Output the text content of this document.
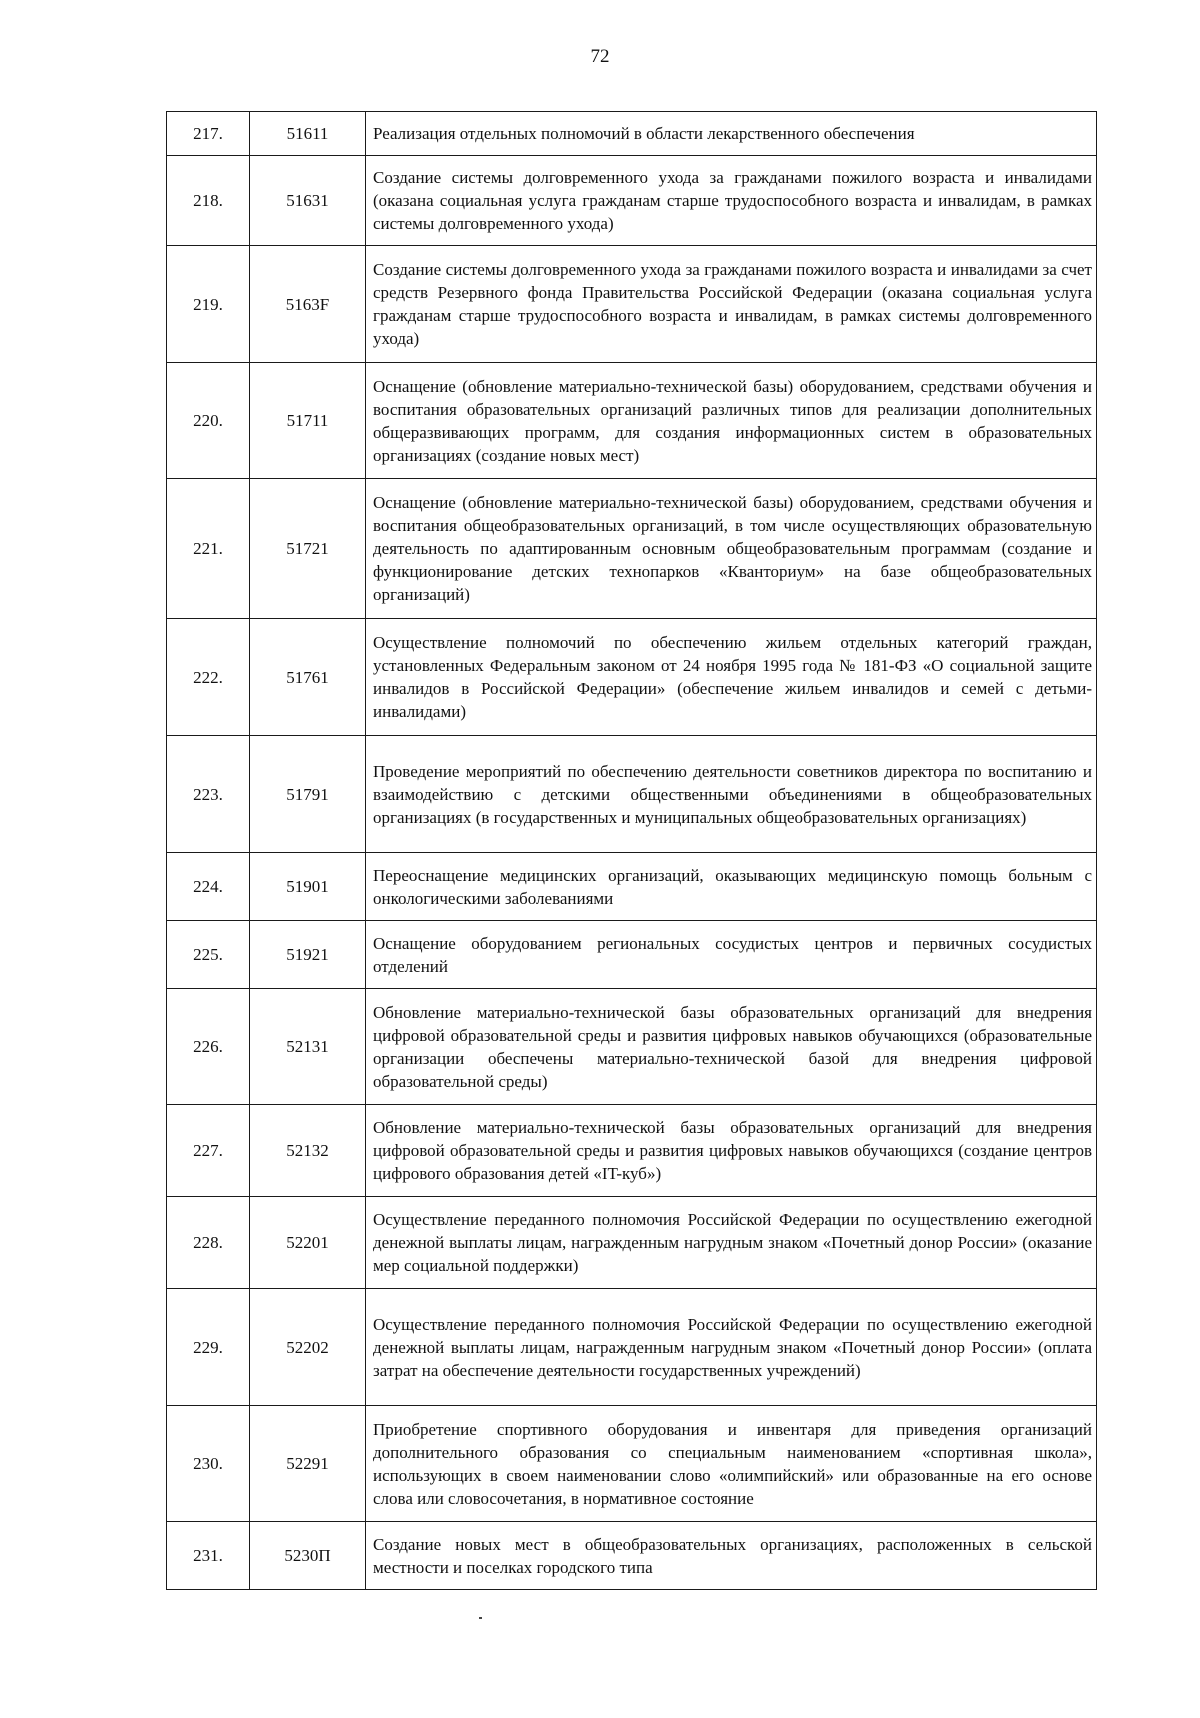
72
217.	51611	Реализация отдельных полномочий в области лекарственного обеспечения
218.	51631	Создание системы долговременного ухода за гражданами пожилого возраста и инвалидами (оказана социальная услуга гражданам старше трудоспособного возраста и инвалидам, в рамках системы долговременного ухода)
219.	5163F	Создание системы долговременного ухода за гражданами пожилого возраста и инвалидами за счет средств Резервного фонда Правительства Российской Федерации (оказана социальная услуга гражданам старше трудоспособного возраста и инвалидам, в рамках системы долговременного ухода)
220.	51711	Оснащение (обновление материально-технической базы) оборудованием, средствами обучения и воспитания образовательных организаций различных типов для реализации дополнительных общеразвивающих программ, для создания информационных систем в образовательных организациях (создание новых мест)
221.	51721	Оснащение (обновление материально-технической базы) оборудованием, средствами обучения и воспитания общеобразовательных организаций, в том числе осуществляющих образовательную деятельность по адаптированным основным общеобразовательным программам (создание и функционирование детских технопарков «Кванториум» на базе общеобразовательных организаций)
222.	51761	Осуществление полномочий по обеспечению жильем отдельных категорий граждан, установленных Федеральным законом от 24 ноября 1995 года № 181-ФЗ «О социальной защите инвалидов в Российской Федерации» (обеспечение жильем инвалидов и семей с детьми-инвалидами)
223.	51791	Проведение мероприятий по обеспечению деятельности советников директора по воспитанию и взаимодействию с детскими общественными объединениями в общеобразовательных организациях (в государственных и муниципальных общеобразовательных организациях)
224.	51901	Переоснащение медицинских организаций, оказывающих медицинскую помощь больным с онкологическими заболеваниями
225.	51921	Оснащение оборудованием региональных сосудистых центров и первичных сосудистых отделений
226.	52131	Обновление материально-технической базы образовательных организаций для внедрения цифровой образовательной среды и развития цифровых навыков обучающихся (образовательные организации обеспечены материально-технической базой для внедрения цифровой образовательной среды)
227.	52132	Обновление материально-технической базы образовательных организаций для внедрения цифровой образовательной среды и развития цифровых навыков обучающихся (создание центров цифрового образования детей «IT-куб»)
228.	52201	Осуществление переданного полномочия Российской Федерации по осуществлению ежегодной денежной выплаты лицам, награжденным нагрудным знаком «Почетный донор России» (оказание мер социальной поддержки)
229.	52202	Осуществление переданного полномочия Российской Федерации по осуществлению ежегодной денежной выплаты лицам, награжденным нагрудным знаком «Почетный донор России» (оплата затрат на обеспечение деятельности государственных учреждений)
230.	52291	Приобретение спортивного оборудования и инвентаря для приведения организаций дополнительного образования со специальным наименованием «спортивная школа», использующих в своем наименовании слово «олимпийский» или образованные на его основе слова или словосочетания, в нормативное состояние
231.	5230П	Создание новых мест в общеобразовательных организациях, расположенных в сельской местности и поселках городского типа
